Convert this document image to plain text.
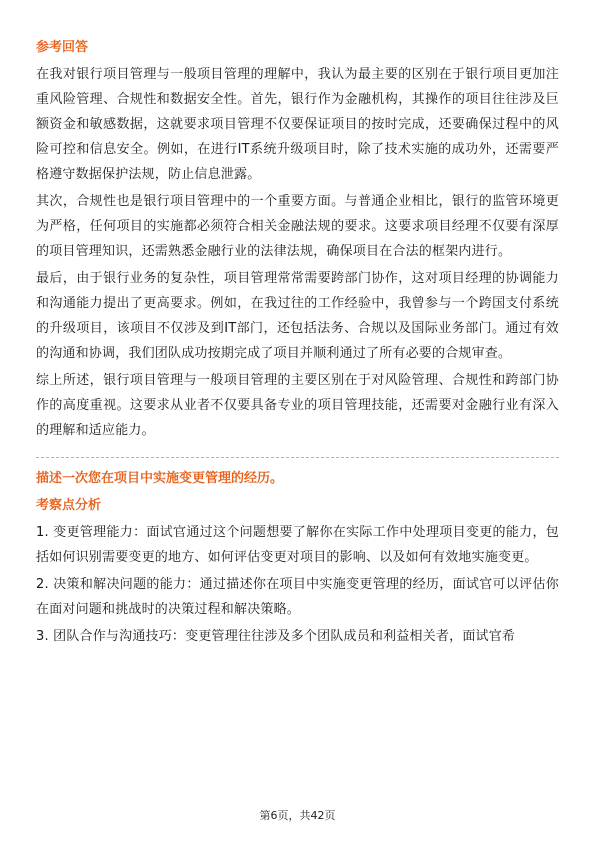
参考回答

在我对银行项目管理与一般项目管理的理解中，我认为最主要的区别在于银行项目更加注重风险管理、合规性和数据安全性。首先，银行作为金融机构，其操作的项目往往涉及巨额资金和敏感数据，这就要求项目管理不仅要保证项目的按时完成，还要确保过程中的风险可控和信息安全。例如，在进行IT系统升级项目时，除了技术实施的成功外，还需要严格遵守数据保护法规，防止信息泄露。

其次，合规性也是银行项目管理中的一个重要方面。与普通企业相比，银行的监管环境更为严格，任何项目的实施都必须符合相关金融法规的要求。这要求项目经理不仅要有深厚的项目管理知识，还需熟悉金融行业的法律法规，确保项目在合法的框架内进行。

最后，由于银行业务的复杂性，项目管理常常需要跨部门协作，这对项目经理的协调能力和沟通能力提出了更高要求。例如，在我过往的工作经验中，我曾参与一个跨国支付系统的升级项目，该项目不仅涉及到IT部门，还包括法务、合规以及国际业务部门。通过有效的沟通和协调，我们团队成功按期完成了项目并顺利通过了所有必要的合规审查。

综上所述，银行项目管理与一般项目管理的主要区别在于对风险管理、合规性和跨部门协作的高度重视。这要求从业者不仅要具备专业的项目管理技能，还需要对金融行业有深入的理解和适应能力。

描述一次您在项目中实施变更管理的经历。
考察点分析

1. 变更管理能力：面试官通过这个问题想要了解你在实际工作中处理项目变更的能力，包括如何识别需要变更的地方、如何评估变更对项目的影响、以及如何有效地实施变更。

2. 决策和解决问题的能力：通过描述你在项目中实施变更管理的经历，面试官可以评估你在面对问题和挑战时的决策过程和解决策略。

3. 团队合作与沟通技巧：变更管理往往涉及多个团队成员和利益相关者，面试官希

第6页，共42页
